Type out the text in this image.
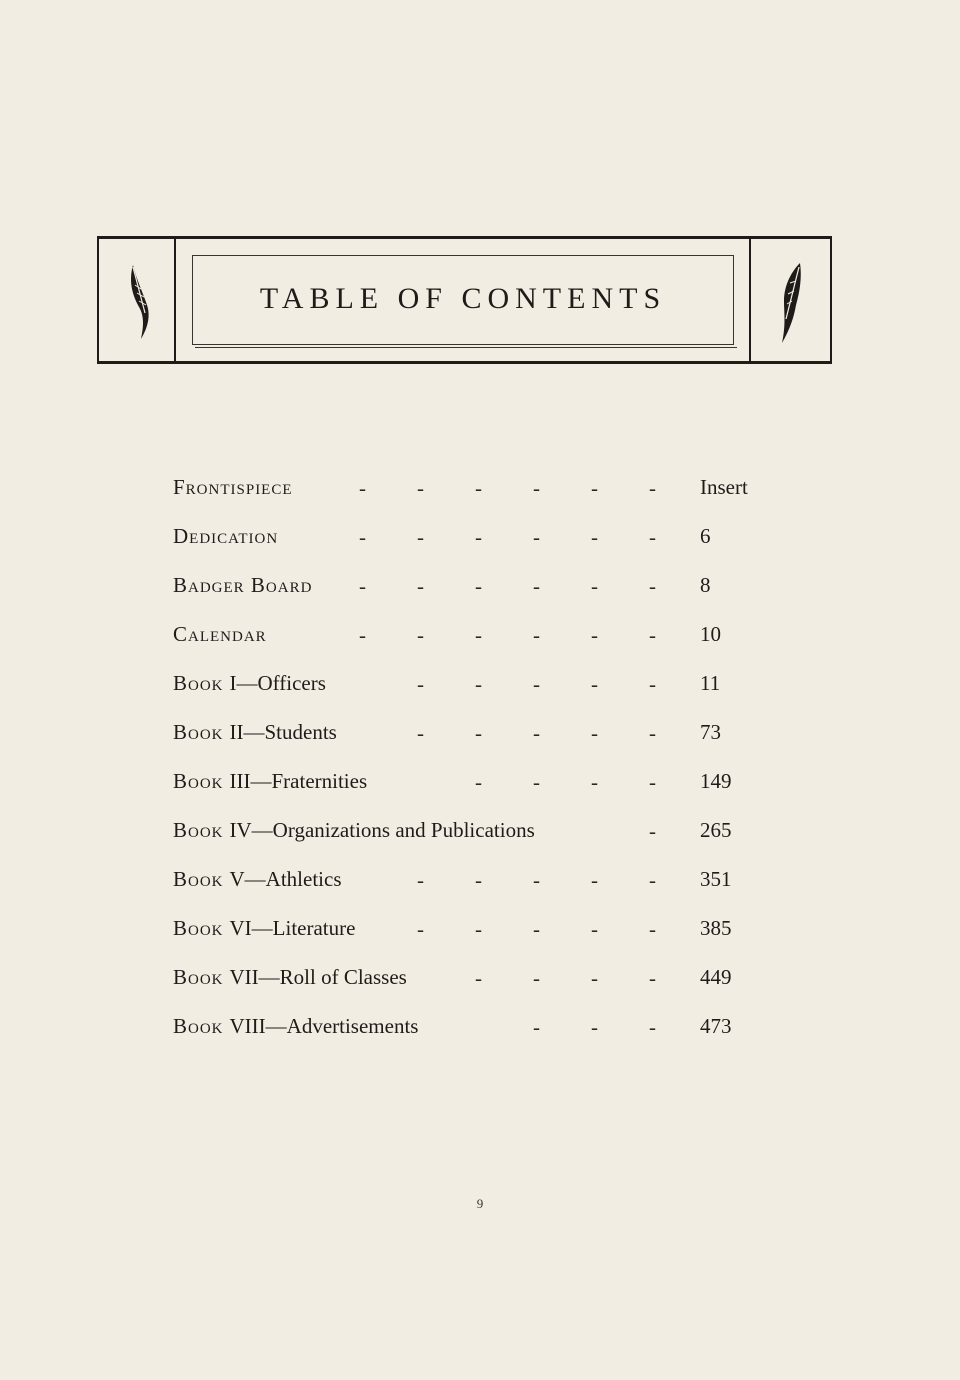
TABLE OF CONTENTS
Frontispiece	Insert
- - - - - -
Dedication	6
- - - - - -
Badger Board	8
- - - - - -
Calendar	10
- - - - - -
Book I—Officers	11
- - - - -
Book II—Students	73
- - - - -
Book III—Fraternities	149
- - - -
Book IV—Organizations and Publications	265
-
Book V—Athletics	351
- - - - -
Book VI—Literature	385
- - - - -
Book VII—Roll of Classes	449
- - - -
Book VIII—Advertisements	473
- - -
9
